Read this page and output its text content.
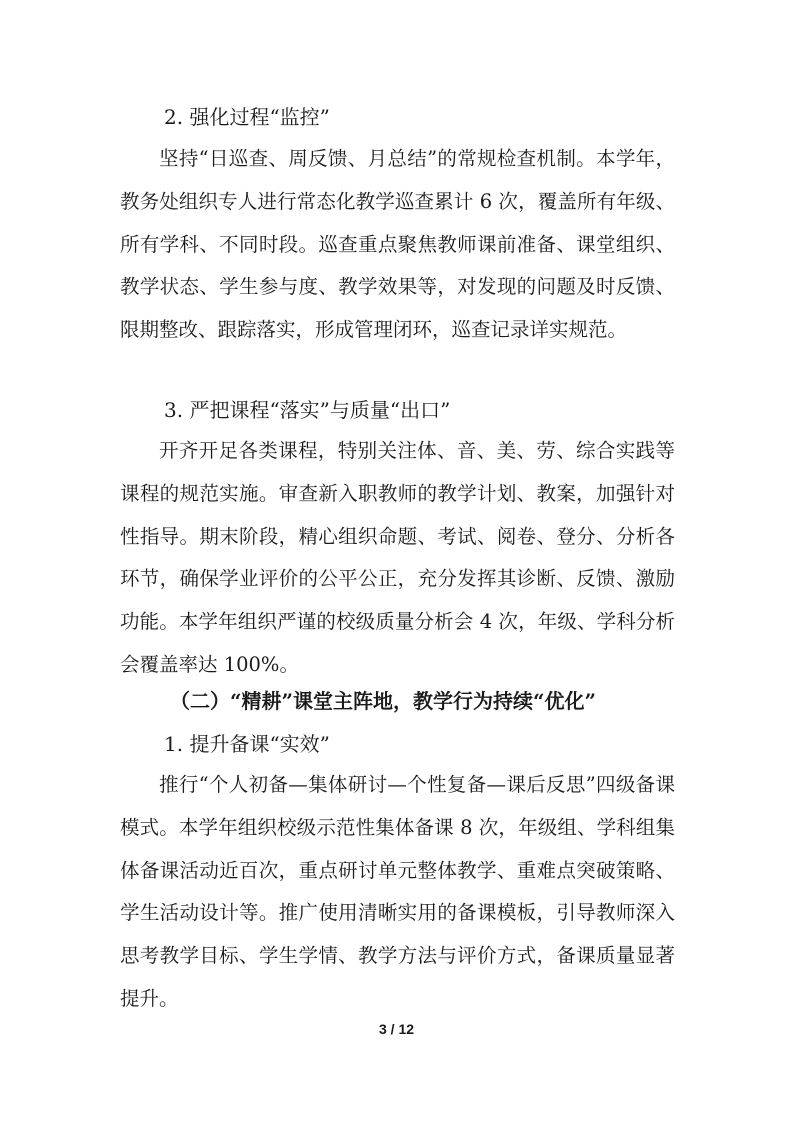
2. 强化过程“监控”

坚持“日巡查、周反馈、月总结”的常规检查机制。本学年，教务处组织专人进行常态化教学巡查累计 6 次，覆盖所有年级、所有学科、不同时段。巡查重点聚焦教师课前准备、课堂组织、教学状态、学生参与度、教学效果等，对发现的问题及时反馈、限期整改、跟踪落实，形成管理闭环，巡查记录详实规范。

3. 严把课程“落实”与质量“出口”

开齐开足各类课程，特别关注体、音、美、劳、综合实践等课程的规范实施。审查新入职教师的教学计划、教案，加强针对性指导。期末阶段，精心组织命题、考试、阅卷、登分、分析各环节，确保学业评价的公平公正，充分发挥其诊断、反馈、激励功能。本学年组织严谨的校级质量分析会 4 次，年级、学科分析会覆盖率达 100%。

（二）“精耕”课堂主阵地，教学行为持续“优化”
1. 提升备课“实效”

推行“个人初备—集体研讨—个性复备—课后反思”四级备课模式。本学年组织校级示范性集体备课 8 次，年级组、学科组集体备课活动近百次，重点研讨单元整体教学、重难点突破策略、学生活动设计等。推广使用清晰实用的备课模板，引导教师深入思考教学目标、学生学情、教学方法与评价方式，备课质量显著提升。

3 / 12
